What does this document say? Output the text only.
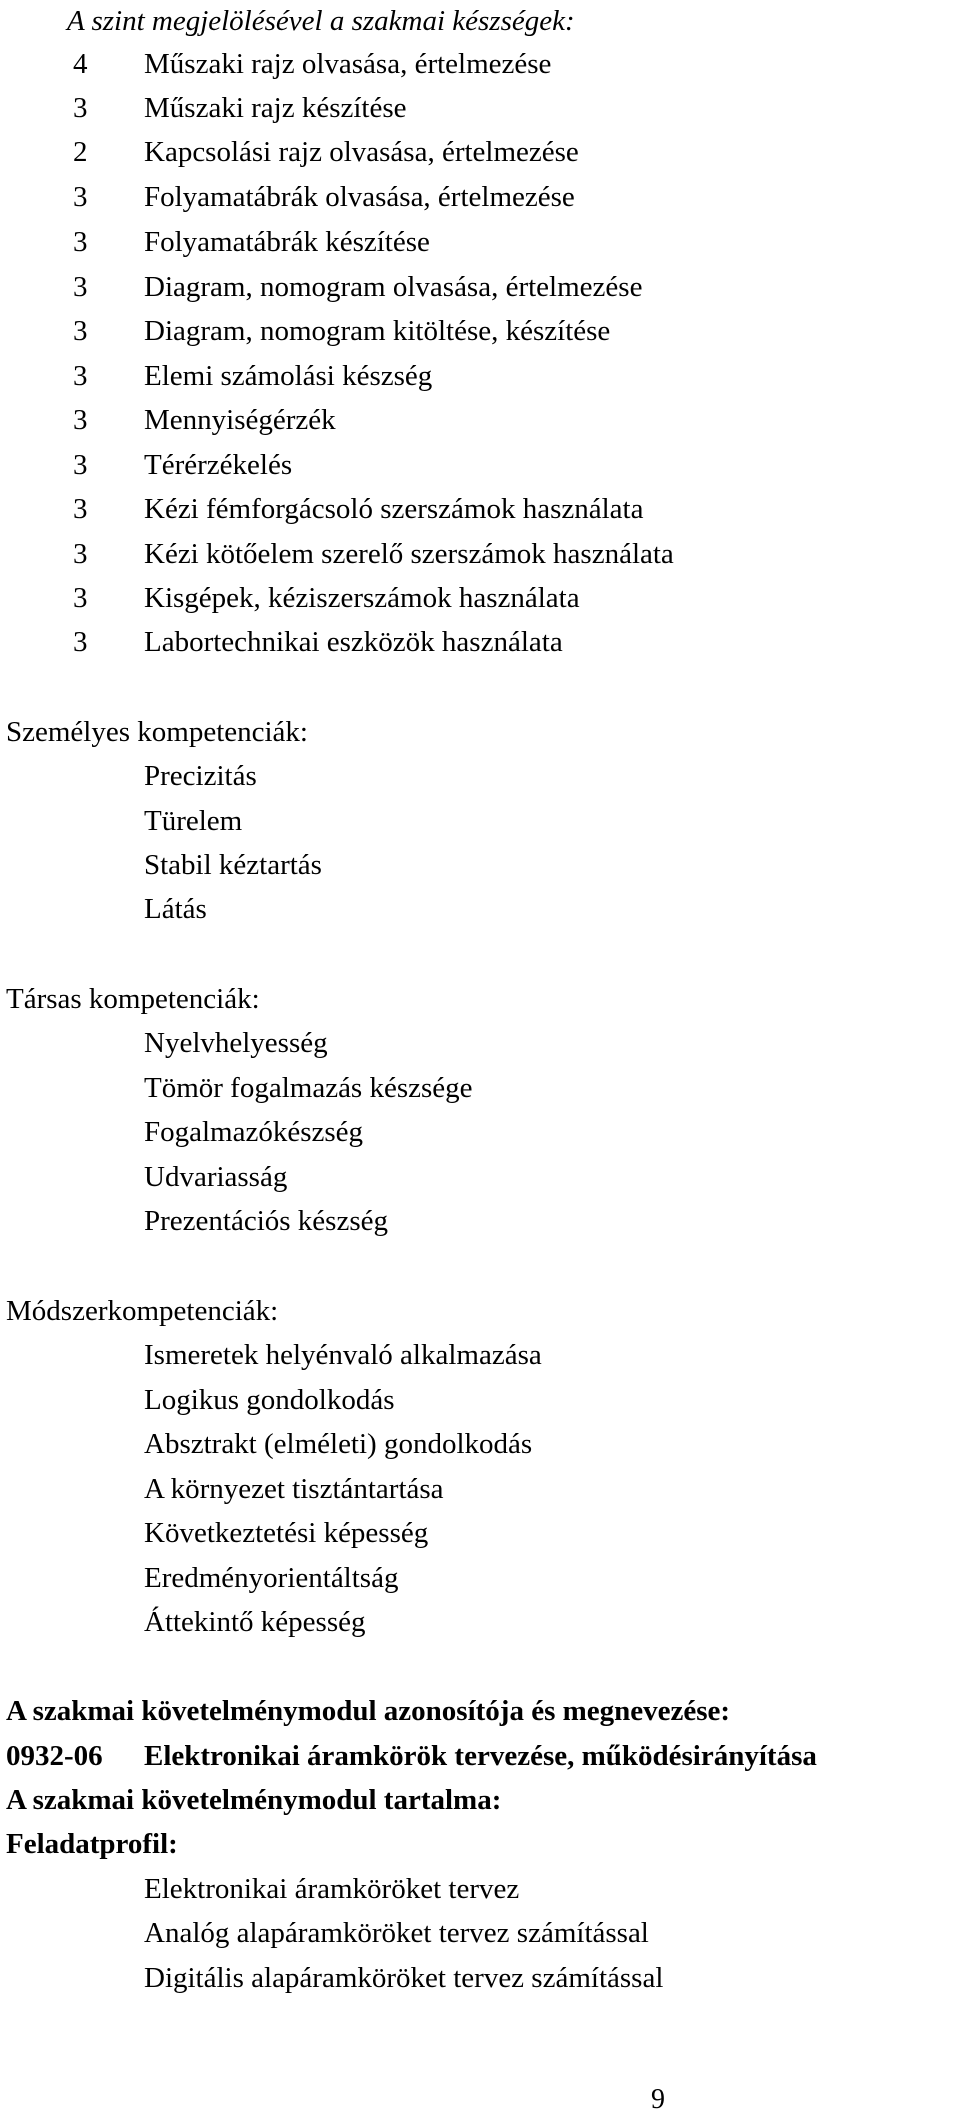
A szint megjelölésével a szakmai készségek:
4 Műszaki rajz olvasása, értelmezése
3 Műszaki rajz készítése
2 Kapcsolási rajz olvasása, értelmezése
3 Folyamatábrák olvasása, értelmezése
3 Folyamatábrák készítése
3 Diagram, nomogram olvasása, értelmezése
3 Diagram, nomogram kitöltése, készítése
3 Elemi számolási készség
3 Mennyiségérzék
3 Térérzékelés
3 Kézi fémforgácsoló szerszámok használata
3 Kézi kötőelem szerelő szerszámok használata
3 Kisgépek, kéziszerszámok használata
3 Labortechnikai eszközök használata
Személyes kompetenciák:
Precizitás
Türelem
Stabil kéztartás
Látás
Társas kompetenciák:
Nyelvhelyesség
Tömör fogalmazás készsége
Fogalmazókészség
Udvariasság
Prezentációs készség
Módszerkompetenciák:
Ismeretek helyénvaló alkalmazása
Logikus gondolkodás
Absztrakt (elméleti) gondolkodás
A környezet tisztántartása
Következtetési képesség
Eredményorientáltság
Áttekintő képesség
A szakmai követelménymodul azonosítója és megnevezése:
0932-06 Elektronikai áramkörök tervezése, működésirányítása
A szakmai követelménymodul tartalma:
Feladatprofil:
Elektronikai áramköröket tervez
Analóg alapáramköröket tervez számítással
Digitális alapáramköröket tervez számítással
9
